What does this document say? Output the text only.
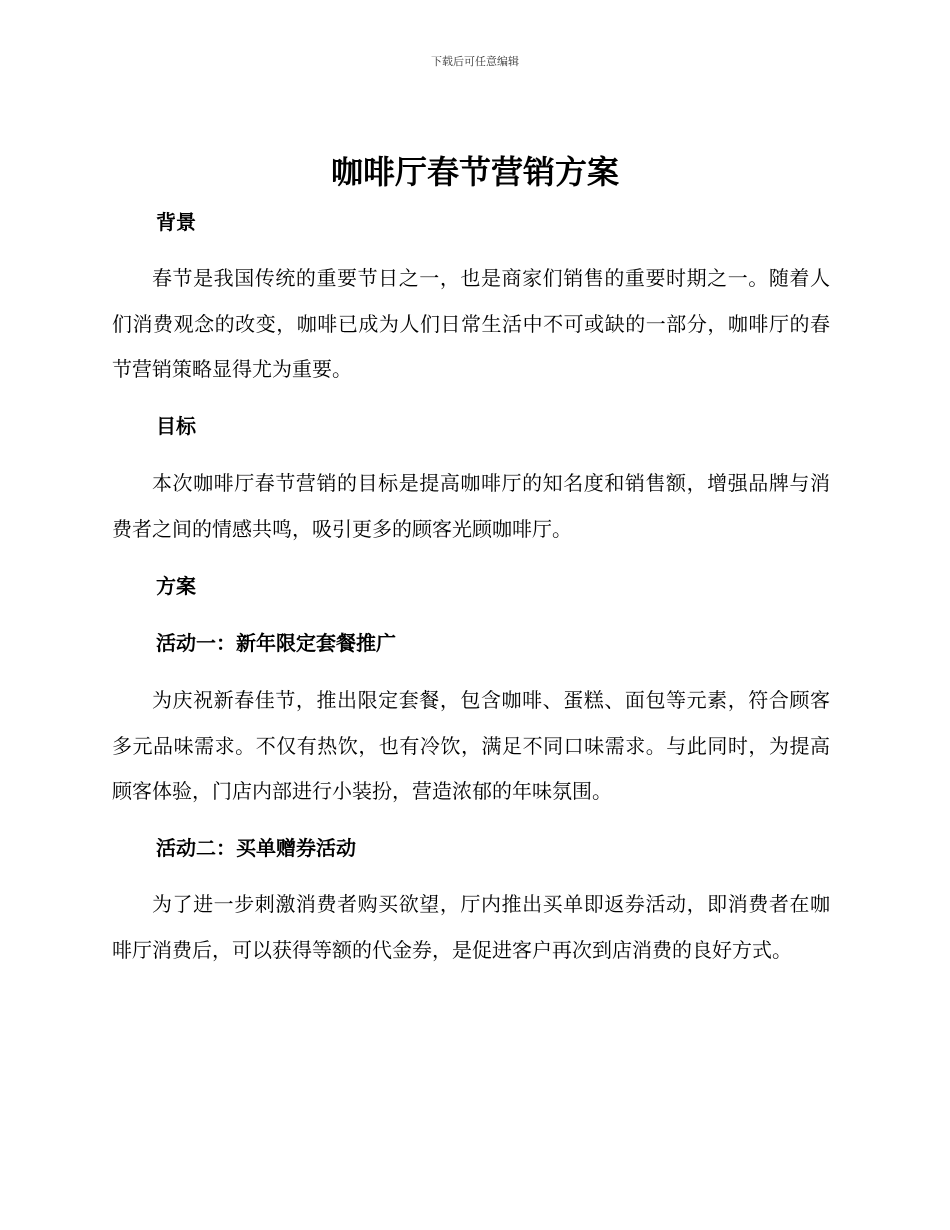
下载后可任意编辑
咖啡厅春节营销方案
背景

春节是我国传统的重要节日之一，也是商家们销售的重要时期之一。随着人们消费观念的改变，咖啡已成为人们日常生活中不可或缺的一部分，咖啡厅的春节营销策略显得尤为重要。

目标

本次咖啡厅春节营销的目标是提高咖啡厅的知名度和销售额，增强品牌与消费者之间的情感共鸣，吸引更多的顾客光顾咖啡厅。

方案
活动一：新年限定套餐推广

为庆祝新春佳节，推出限定套餐，包含咖啡、蛋糕、面包等元素，符合顾客多元品味需求。不仅有热饮，也有冷饮，满足不同口味需求。与此同时，为提高顾客体验，门店内部进行小装扮，营造浓郁的年味氛围。

活动二：买单赠券活动

为了进一步刺激消费者购买欲望，厅内推出买单即返券活动，即消费者在咖啡厅消费后，可以获得等额的代金券，是促进客户再次到店消费的良好方式。
